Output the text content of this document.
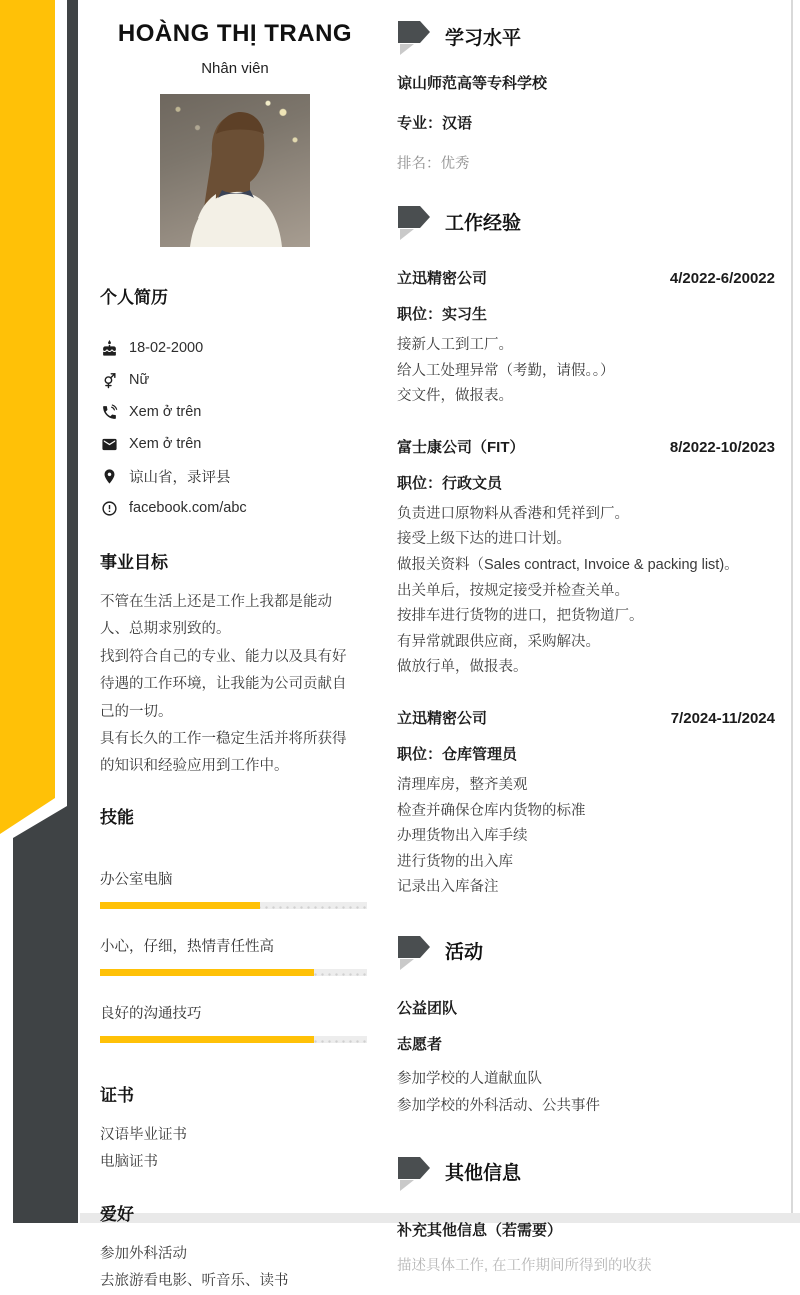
HOÀNG THỊ TRANG
Nhân viên
个人简历
18-02-2000
Nữ
Xem ở trên
Xem ở trên
谅山省，录评县
facebook.com/abc
事业目标
不管在生活上还是工作上我都是能动
人、总期求别致的。
找到符合自己的专业、能力以及具有好
待遇的工作环境，让我能为公司贡献自
己的一切。
具有长久的工作一稳定生活并将所获得
的知识和经验应用到工作中。
技能
办公室电脑
小心，仔细，热情青任性高
良好的沟通技巧
证书
汉语毕业证书
电脑证书
爱好
参加外科活动
去旅游看电影、听音乐、读书
学习水平
谅山师范高等专科学校
专业：汉语
排名：优秀
工作经验
立迅精密公司	4/2022-6/20022
职位：实习生
接新人工到工厂。
给人工处理异常（考勤，请假。。）
交文件，做报表。
富士康公司（FIT）	8/2022-10/2023
职位：行政文员
负责进口原物料从香港和凭祥到厂。
接受上级下达的进口计划。
做报关资料（Sales contract, Invoice & packing list)。
出关单后，按规定接受并检查关单。
按排车进行货物的进口，把货物道厂。
有异常就跟供应商，采购解决。
做放行单，做报表。
立迅精密公司	7/2024-11/2024
职位：仓库管理员
清理库房，整齐美观
检查并确保仓库内货物的标准
办理货物出入库手续
进行货物的出入库
记录出入库备注
活动
公益团队
志愿者
参加学校的人道献血队
参加学校的外科活动、公共事件
其他信息
补充其他信息（若需要）
描述具体工作, 在工作期间所得到的收获
